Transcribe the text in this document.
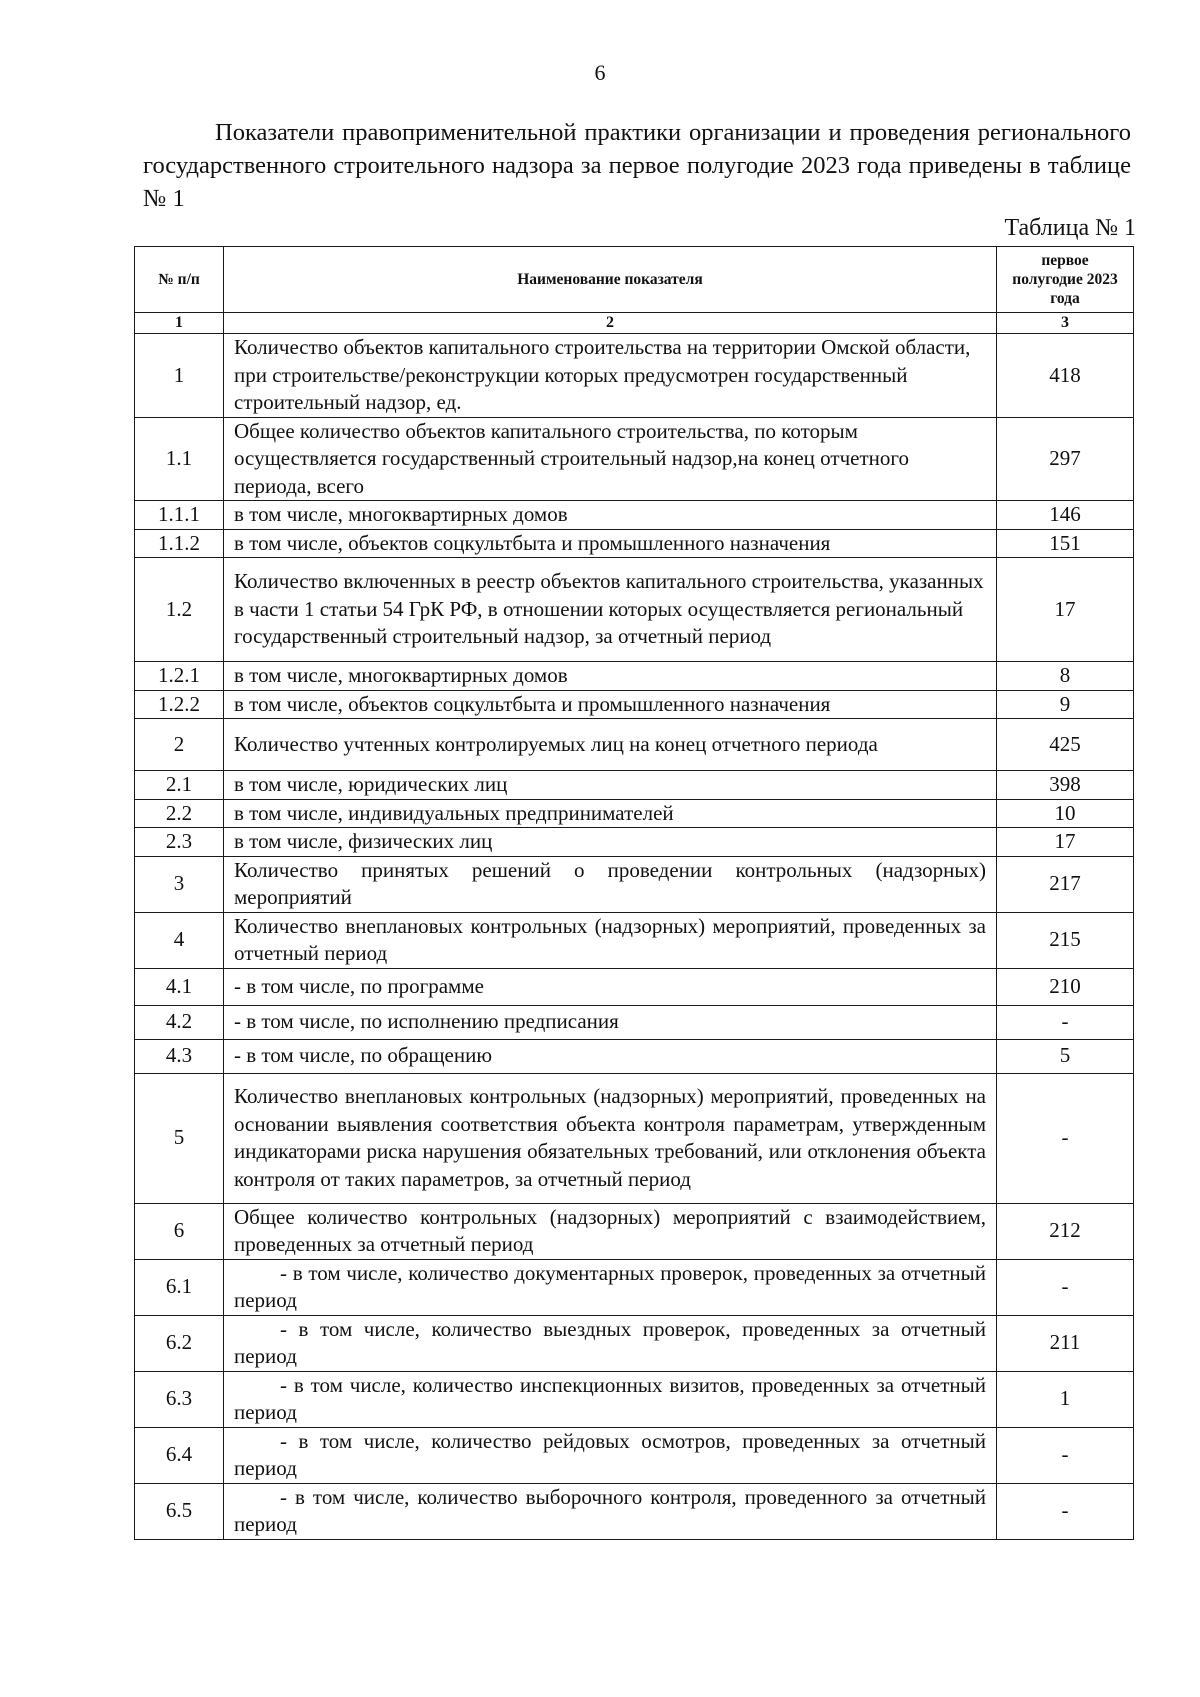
6

Показатели правоприменительной практики организации и проведения регионального государственного строительного надзора за первое полугодие 2023 года приведены в таблице № 1

Таблица № 1
№ п/п	Наименование показателя	первое полугодие 2023 года
1	2	3
1	Количество объектов капитального строительства на территории Омской области, при строительстве/реконструкции которых предусмотрен государственный строительный надзор, ед.	418
1.1	Общее количество объектов капитального строительства, по которым осуществляется государственный строительный надзор,на конец отчетного периода, всего	297
1.1.1	в том числе, многоквартирных домов	146
1.1.2	в том числе, объектов соцкультбыта и промышленного назначения	151
1.2	Количество включенных в реестр объектов капитального строительства, указанных в части 1 статьи 54 ГрК РФ, в отношении которых осуществляется региональный государственный строительный надзор, за отчетный период	17
1.2.1	в том числе, многоквартирных домов	8
1.2.2	в том числе, объектов соцкультбыта и промышленного назначения	9
2	Количество учтенных контролируемых лиц на конец отчетного периода	425
2.1	в том числе, юридических лиц	398
2.2	в том числе, индивидуальных предпринимателей	10
2.3	в том числе, физических лиц	17
3	Количество принятых решений о проведении контрольных (надзорных) мероприятий	217
4	Количество внеплановых контрольных (надзорных) мероприятий, проведенных за отчетный период	215
4.1	- в том числе, по программе	210
4.2	- в том числе, по исполнению предписания	-
4.3	- в том числе, по обращению	5
5	Количество внеплановых контрольных (надзорных) мероприятий, проведенных на основании выявления соответствия объекта контроля параметрам, утвержденным индикаторами риска нарушения обязательных требований, или отклонения объекта контроля от таких параметров, за отчетный период	-
6	Общее количество контрольных (надзорных) мероприятий с взаимодействием, проведенных за отчетный период	212
6.1	- в том числе, количество документарных проверок, проведенных за отчетный период	-
6.2	- в том числе, количество выездных проверок, проведенных за отчетный период	211
6.3	- в том числе, количество инспекционных визитов, проведенных за отчетный период	1
6.4	- в том числе, количество рейдовых осмотров, проведенных за отчетный период	-
6.5	- в том числе, количество выборочного контроля, проведенного за отчетный период	-
